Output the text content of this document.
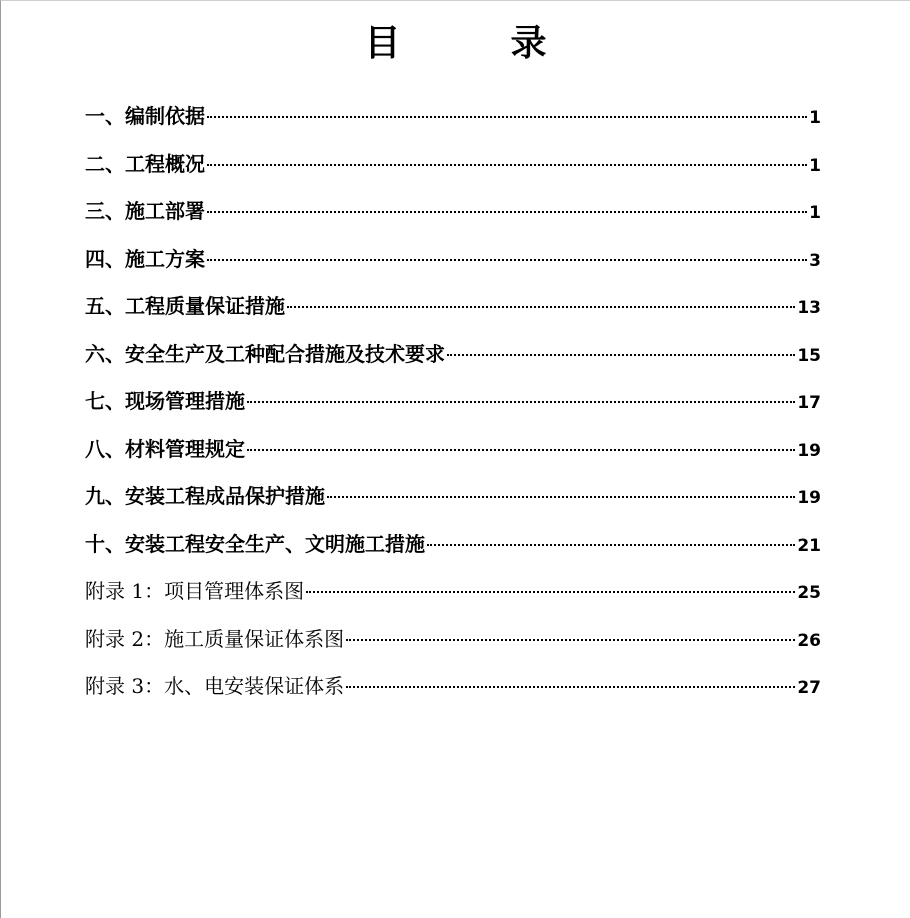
目	录
一、编制依据	1
二、工程概况	1
三、施工部署	1
四、施工方案	3
五、工程质量保证措施	13
六、安全生产及工种配合措施及技术要求	15
七、现场管理措施	17
八、材料管理规定	19
九、安装工程成品保护措施	19
十、安装工程安全生产、文明施工措施	21
附录 1：项目管理体系图	25
附录 2：施工质量保证体系图	26
附录 3：水、电安装保证体系	27
